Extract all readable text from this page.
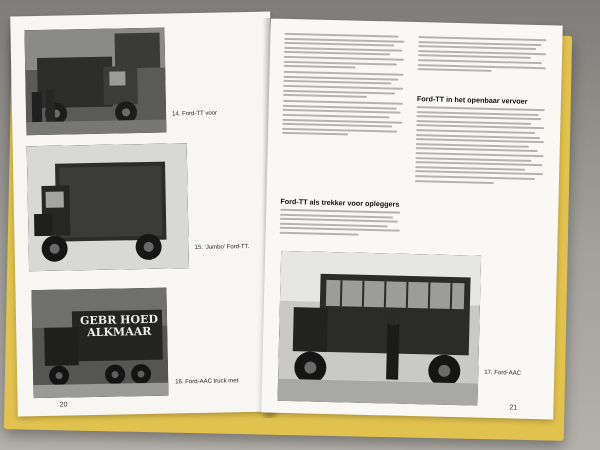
14. Ford-TT voor
15. 'Jumbo' Ford-TT.
GEBR HOED
ALKMAAR
16. Ford-AAC truck met
20
Ford-TT als trekker voor opleggers
Ford-TT in het openbaar vervoer
17. Ford-AAC
21
